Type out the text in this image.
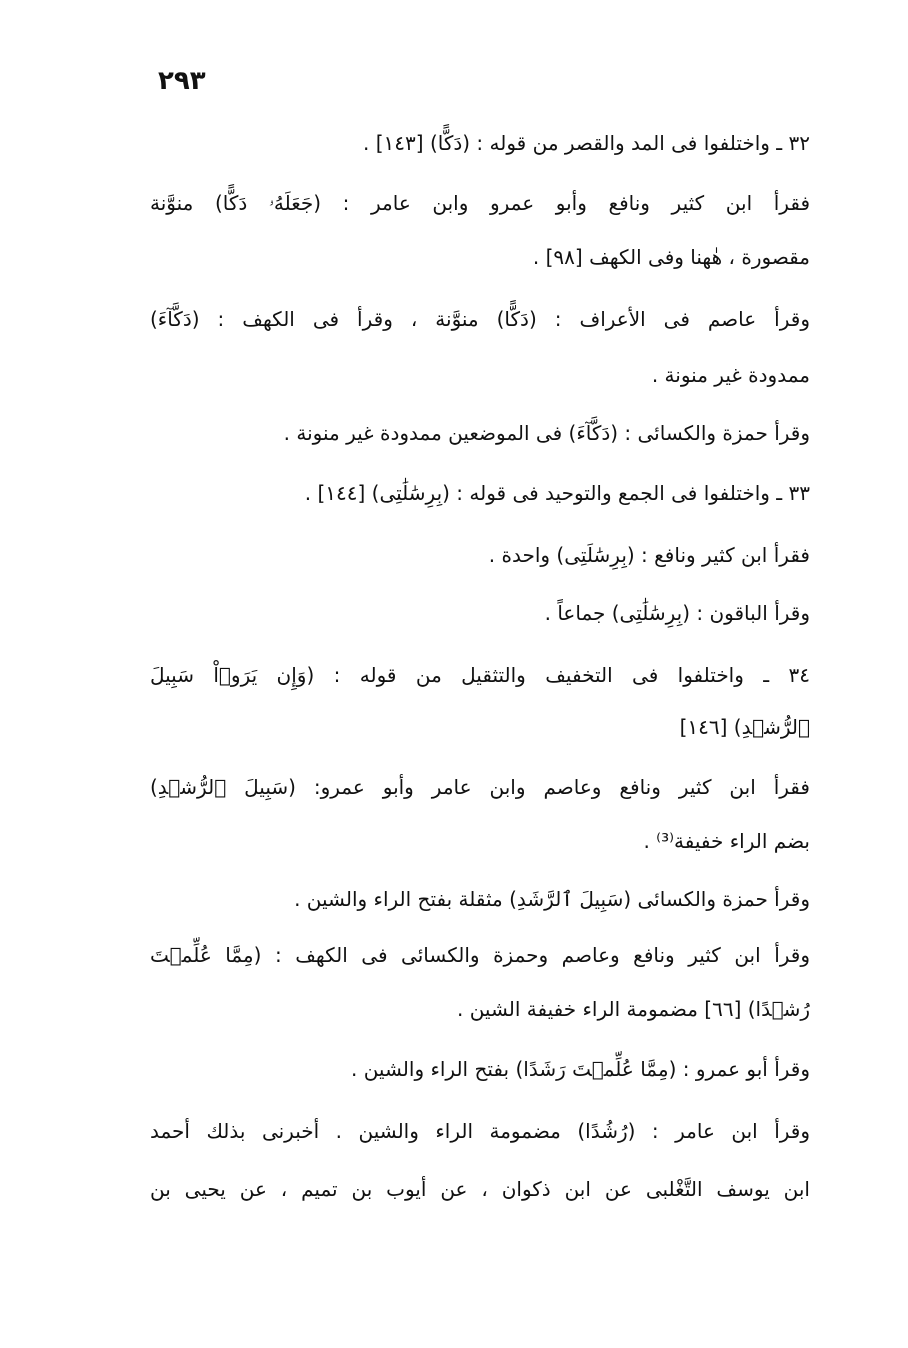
٢٩٣
٣٢ ـ واختلفوا فى المد والقصر من قوله : (دَكًّا) [١٤٣] .
فقرأ ابن كثير ونافع وأبو عمرو وابن عامر : (جَعَلَهُۥ دَكًّا) منوَّنة
مقصورة ، هٰهنا وفى الكهف [٩٨] .
وقرأ عاصم فى الأعراف : (دَكًّا) منوَّنة ، وقرأ فى الكهف : (دَكَّآءَ)
ممدودة غير منونة .
وقرأ حمزة والكسائى : (دَكَّآءَ) فى الموضعين ممدودة غير منونة .
٣٣ ـ واختلفوا فى الجمع والتوحيد فى قوله : (بِرِسَٰلَٰتِى) [١٤٤] .
فقرأ ابن كثير ونافع : (بِرِسَٰلَتِى) واحدة .
وقرأ الباقون : (بِرِسَٰلَٰتِى) جماعاً .
٣٤ ـ واختلفوا فى التخفيف والتثقيل من قوله : (وَإِن يَرَوۡاْ سَبِيلَ
ٱلرُّشۡدِ) [١٤٦]
فقرأ ابن كثير ونافع وعاصم وابن عامر وأبو عمرو: (سَبِيلَ ٱلرُّشۡدِ)
بضم الراء خفيفة⁽³⁾ .
وقرأ حمزة والكسائى (سَبِيلَ ٱلرَّشَدِ) مثقلة بفتح الراء والشين .
وقرأ ابن كثير ونافع وعاصم وحمزة والكسائى فى الكهف : (مِمَّا عُلِّمۡتَ
رُشۡدًا) [٦٦] مضمومة الراء خفيفة الشين .
وقرأ أبو عمرو : (مِمَّا عُلِّمۡتَ رَشَدًا) بفتح الراء والشين .
وقرأ ابن عامر : (رُشُدًا) مضمومة الراء والشين . أخبرنى بذلك أحمد
ابن يوسف التَّغْلبى عن ابن ذكوان ، عن أيوب بن تميم ، عن يحيى بن
